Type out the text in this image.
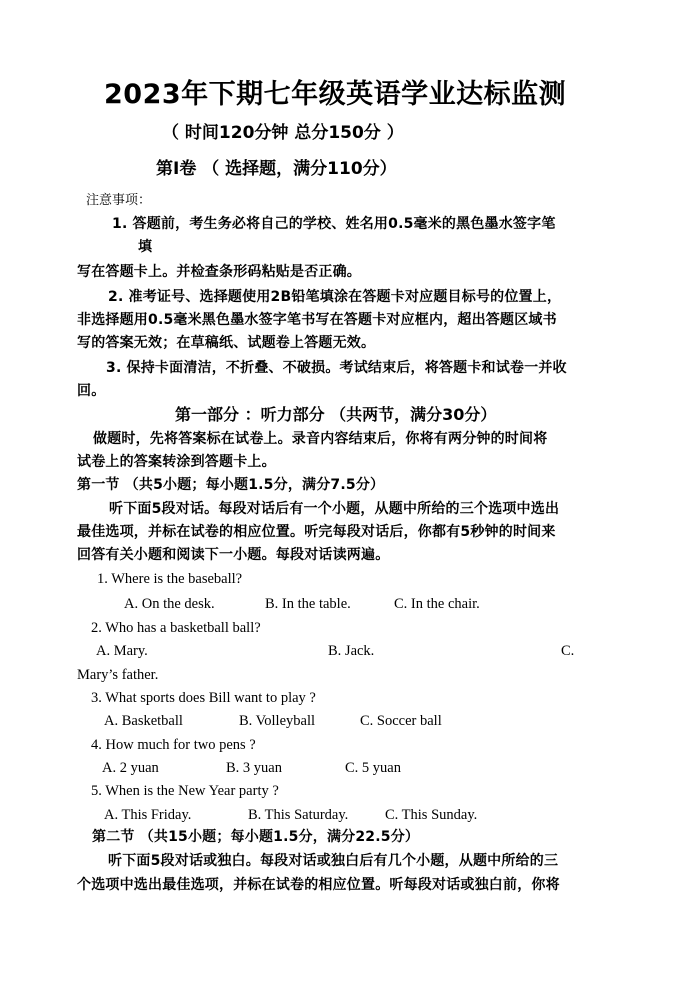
2023年下期七年级英语学业达标监测
（ 时间120分钟 总分150分 ）
第Ⅰ卷 （ 选择题，满分110分）
注意事项：
1. 答题前，考生务必将自己的学校、姓名用0.5毫米的黑色墨水签字笔
填
写在答题卡上。并检查条形码粘贴是否正确。
2. 准考证号、选择题使用2B铅笔填涂在答题卡对应题目标号的位置上，
非选择题用0.5毫米黑色墨水签字笔书写在答题卡对应框内，超出答题区域书
写的答案无效；在草稿纸、试题卷上答题无效。
3. 保持卡面清洁，不折叠、不破损。考试结束后，将答题卡和试卷一并收
回。
第一部分 ：听力部分 （共两节，满分30分）
做题时，先将答案标在试卷上。录音内容结束后，你将有两分钟的时间将
试卷上的答案转涂到答题卡上。
第一节 （共5小题；每小题1.5分，满分7.5分）
听下面5段对话。每段对话后有一个小题，从题中所给的三个选项中选出
最佳选项，并标在试卷的相应位置。听完每段对话后，你都有5秒钟的时间来
回答有关小题和阅读下一小题。每段对话读两遍。
1. Where is the baseball?
A. On the desk.	B. In the table.	C. In the chair.
2. Who has a basketball ball?
A. Mary.	B. Jack.	C.
Mary’s father.
3. What sports does Bill want to play ?
A. Basketball	B. Volleyball	C. Soccer ball
4. How much for two pens ?
A. 2 yuan	B. 3 yuan	C. 5 yuan
5. When is the New Year party ?
A. This Friday.	B. This Saturday.	C. This Sunday.
第二节 （共15小题；每小题1.5分，满分22.5分）
听下面5段对话或独白。每段对话或独白后有几个小题，从题中所给的三
个选项中选出最佳选项，并标在试卷的相应位置。听每段对话或独白前，你将
